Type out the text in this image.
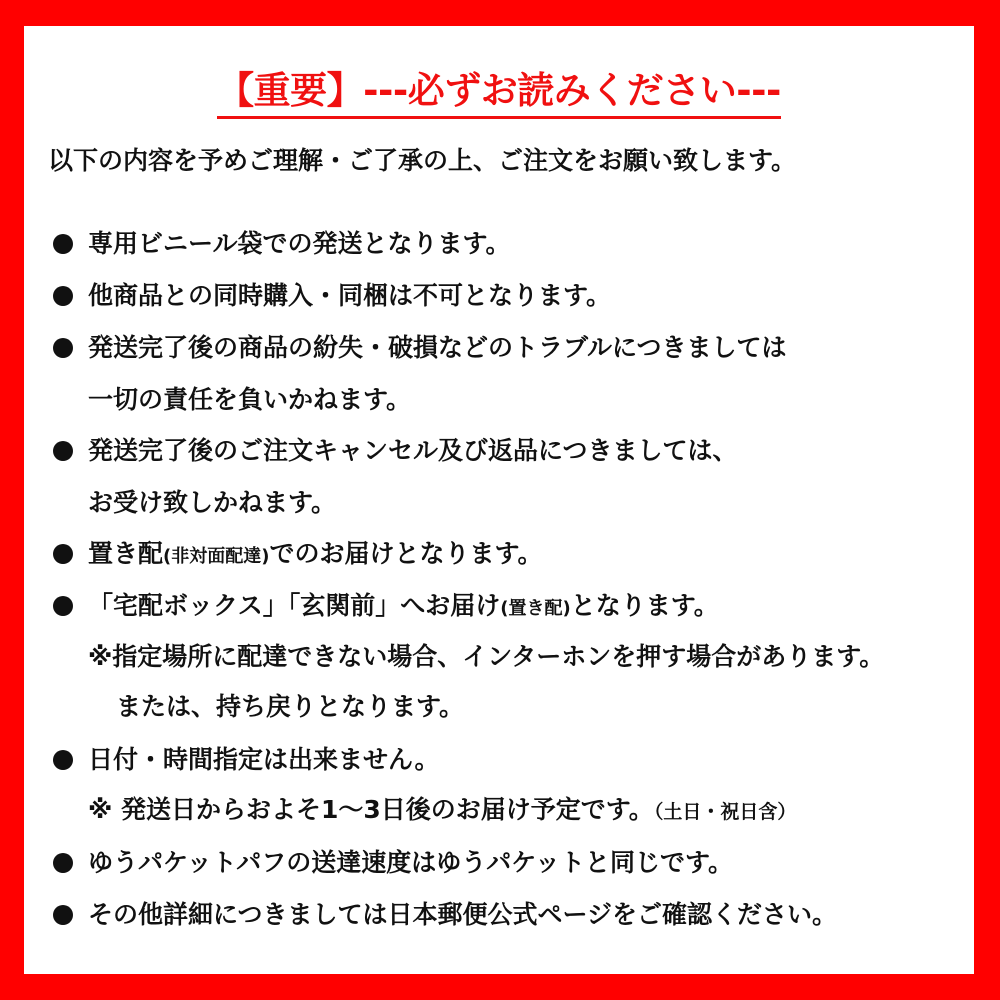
【重要】---必ずお読みください---
以下の内容を予めご理解・ご了承の上、ご注文をお願い致します。
専用ビニール袋での発送となります。
他商品との同時購入・同梱は不可となります。
発送完了後の商品の紛失・破損などのトラブルにつきましては
一切の責任を負いかねます。
発送完了後のご注文キャンセル及び返品につきましては、
お受け致しかねます。
置き配(非対面配達)でのお届けとなります。
「宅配ボックス」「玄関前」へお届け(置き配)となります。
※指定場所に配達できない場合、インターホンを押す場合があります。
または、持ち戻りとなります。
日付・時間指定は出来ません。
※ 発送日からおよそ1～3日後のお届け予定です。（土日・祝日含）
ゆうパケットパフの送達速度はゆうパケットと同じです。
その他詳細につきましては日本郵便公式ページをご確認ください。
